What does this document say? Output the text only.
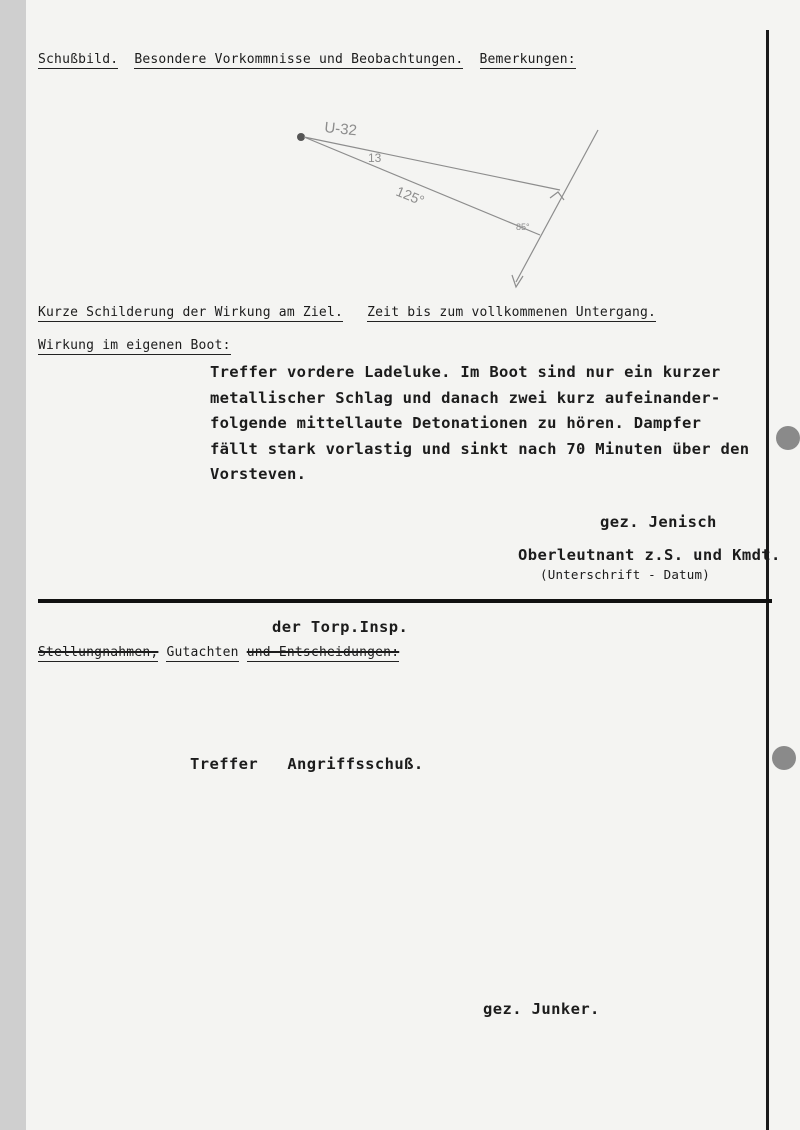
Schußbild. Besondere Vorkommnisse und Beobachtungen. Bemerkungen:
U-32
13
125°
85°
Kurze Schilderung der Wirkung am Ziel. Zeit bis zum vollkommenen Untergang.
Wirkung im eigenen Boot:
Treffer vordere Ladeluke. Im Boot sind nur ein kurzer
metallischer Schlag und danach zwei kurz aufeinander-
folgende mittellaute Detonationen zu hören. Dampfer
fällt stark vorlastig und sinkt nach 70 Minuten über den
Vorsteven.
gez. Jenisch
Oberleutnant z.S. und Kmdt.
(Unterschrift - Datum)
der Torp.Insp.
Stellungnahmen, Gutachten und Entscheidungen:
Treffer Angriffsschuß.
gez. Junker.
